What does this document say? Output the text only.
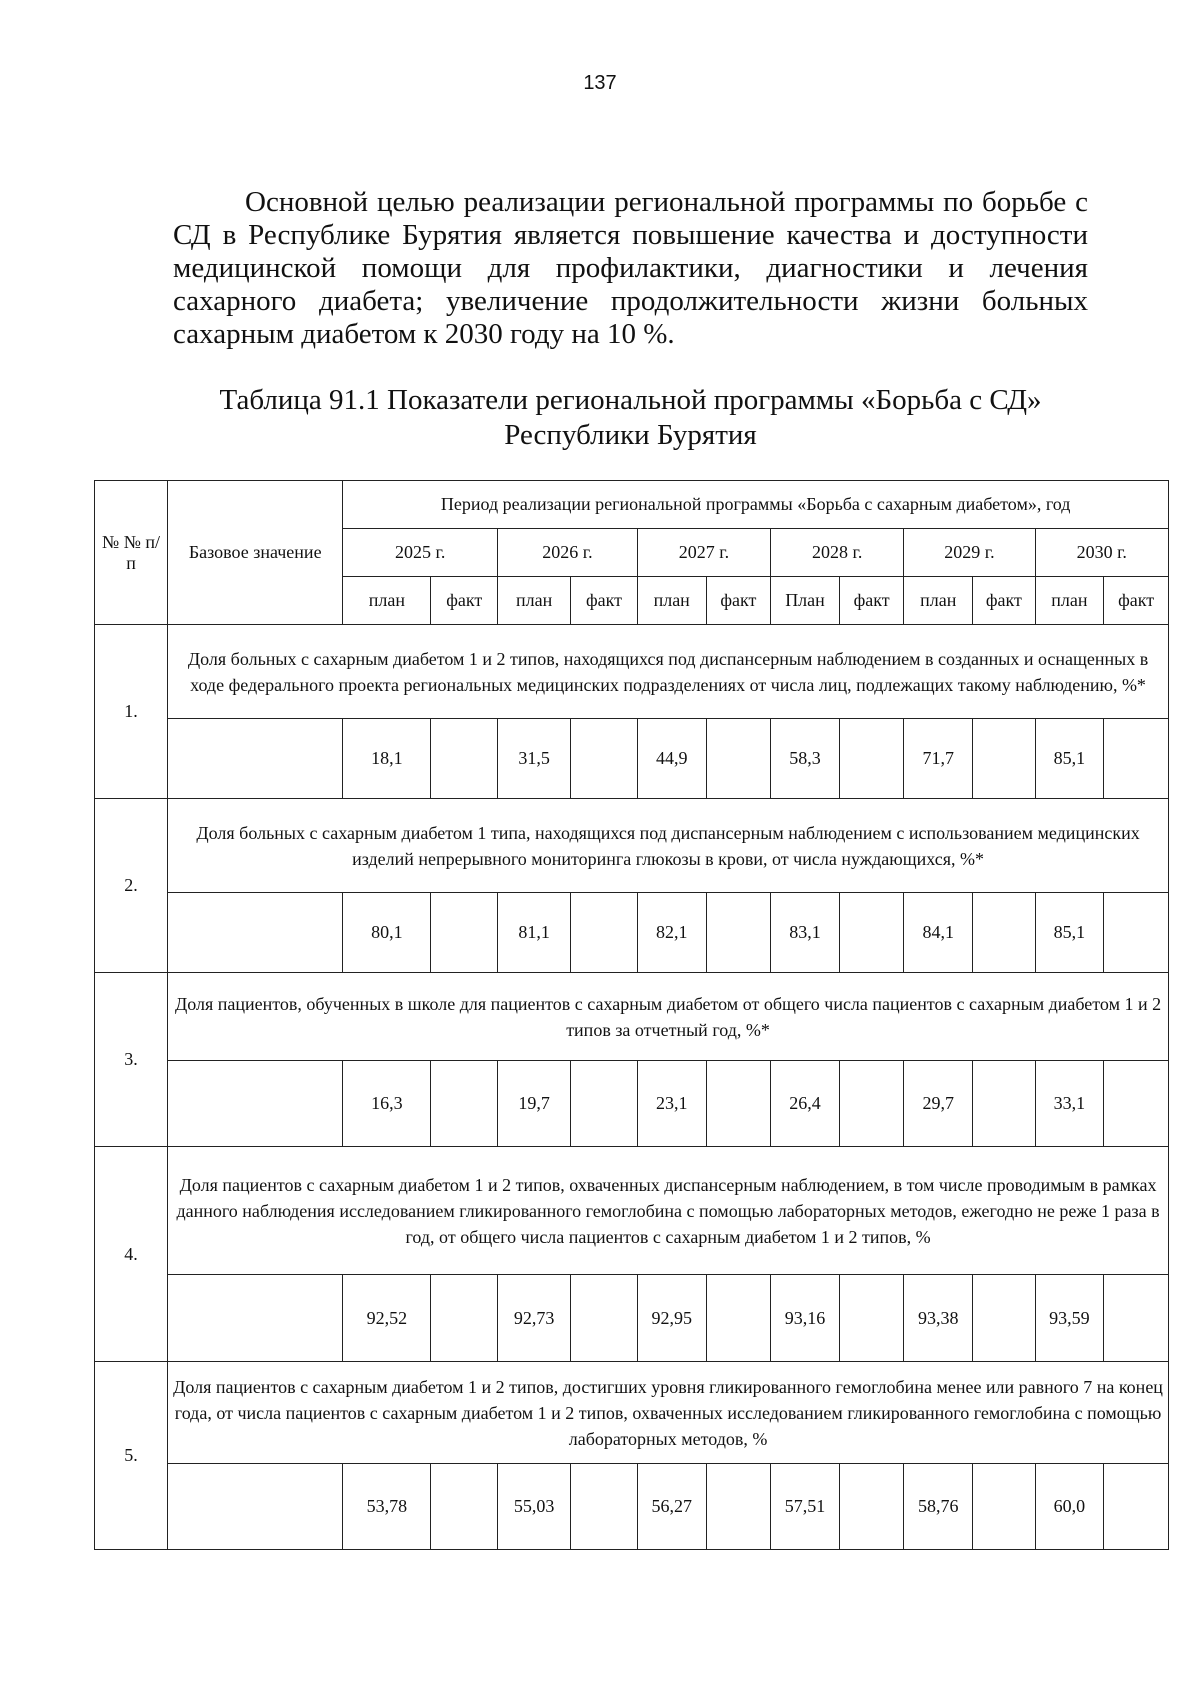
137

Основной целью реализации региональной программы по борьбе с СД в Республике Бурятия является повышение качества и доступности медицинской помощи для профилактики, диагностики и лечения сахарного диабета; увеличение продолжительности жизни больных сахарным диабетом к 2030 году на 10 %.

Таблица 91.1 Показатели региональной программы «Борьба с СД»
Республики Бурятия
№ № п/п	Базовое значение	Период реализации региональной программы «Борьба с сахарным диабетом», год											
		2025 г.		2026 г.		2027 г.		2028 г.		2029 г.		2030 г.	
		план	факт	план	факт	план	факт	План	факт	план	факт	план	факт
1.	Доля больных с сахарным диабетом 1 и 2 типов, находящихся под диспансерным наблюдением в созданных и оснащенных в ходе федерального проекта региональных медицинских подразделениях от числа лиц, подлежащих такому наблюдению, %*												
		18,1		31,5		44,9		58,3		71,7		85,1	
2.	Доля больных с сахарным диабетом 1 типа, находящихся под диспансерным наблюдением с использованием медицинских изделий непрерывного мониторинга глюкозы в крови, от числа нуждающихся, %*												
		80,1		81,1		82,1		83,1		84,1		85,1	
3.	Доля пациентов, обученных в школе для пациентов с сахарным диабетом от общего числа пациентов с сахарным диабетом 1 и 2 типов за отчетный год, %*												
		16,3		19,7		23,1		26,4		29,7		33,1	
4.	Доля пациентов с сахарным диабетом 1 и 2 типов, охваченных диспансерным наблюдением, в том числе проводимым в рамках данного наблюдения исследованием гликированного гемоглобина с помощью лабораторных методов, ежегодно не реже 1 раза в год, от общего числа пациентов с сахарным диабетом 1 и 2 типов, %												
		92,52		92,73		92,95		93,16		93,38		93,59	
5.	Доля пациентов с сахарным диабетом 1 и 2 типов, достигших уровня гликированного гемоглобина менее или равного 7 на конец года, от числа пациентов с сахарным диабетом 1 и 2 типов, охваченных исследованием гликированного гемоглобина с помощью лабораторных методов, %												
		53,78		55,03		56,27		57,51		58,76		60,0	
